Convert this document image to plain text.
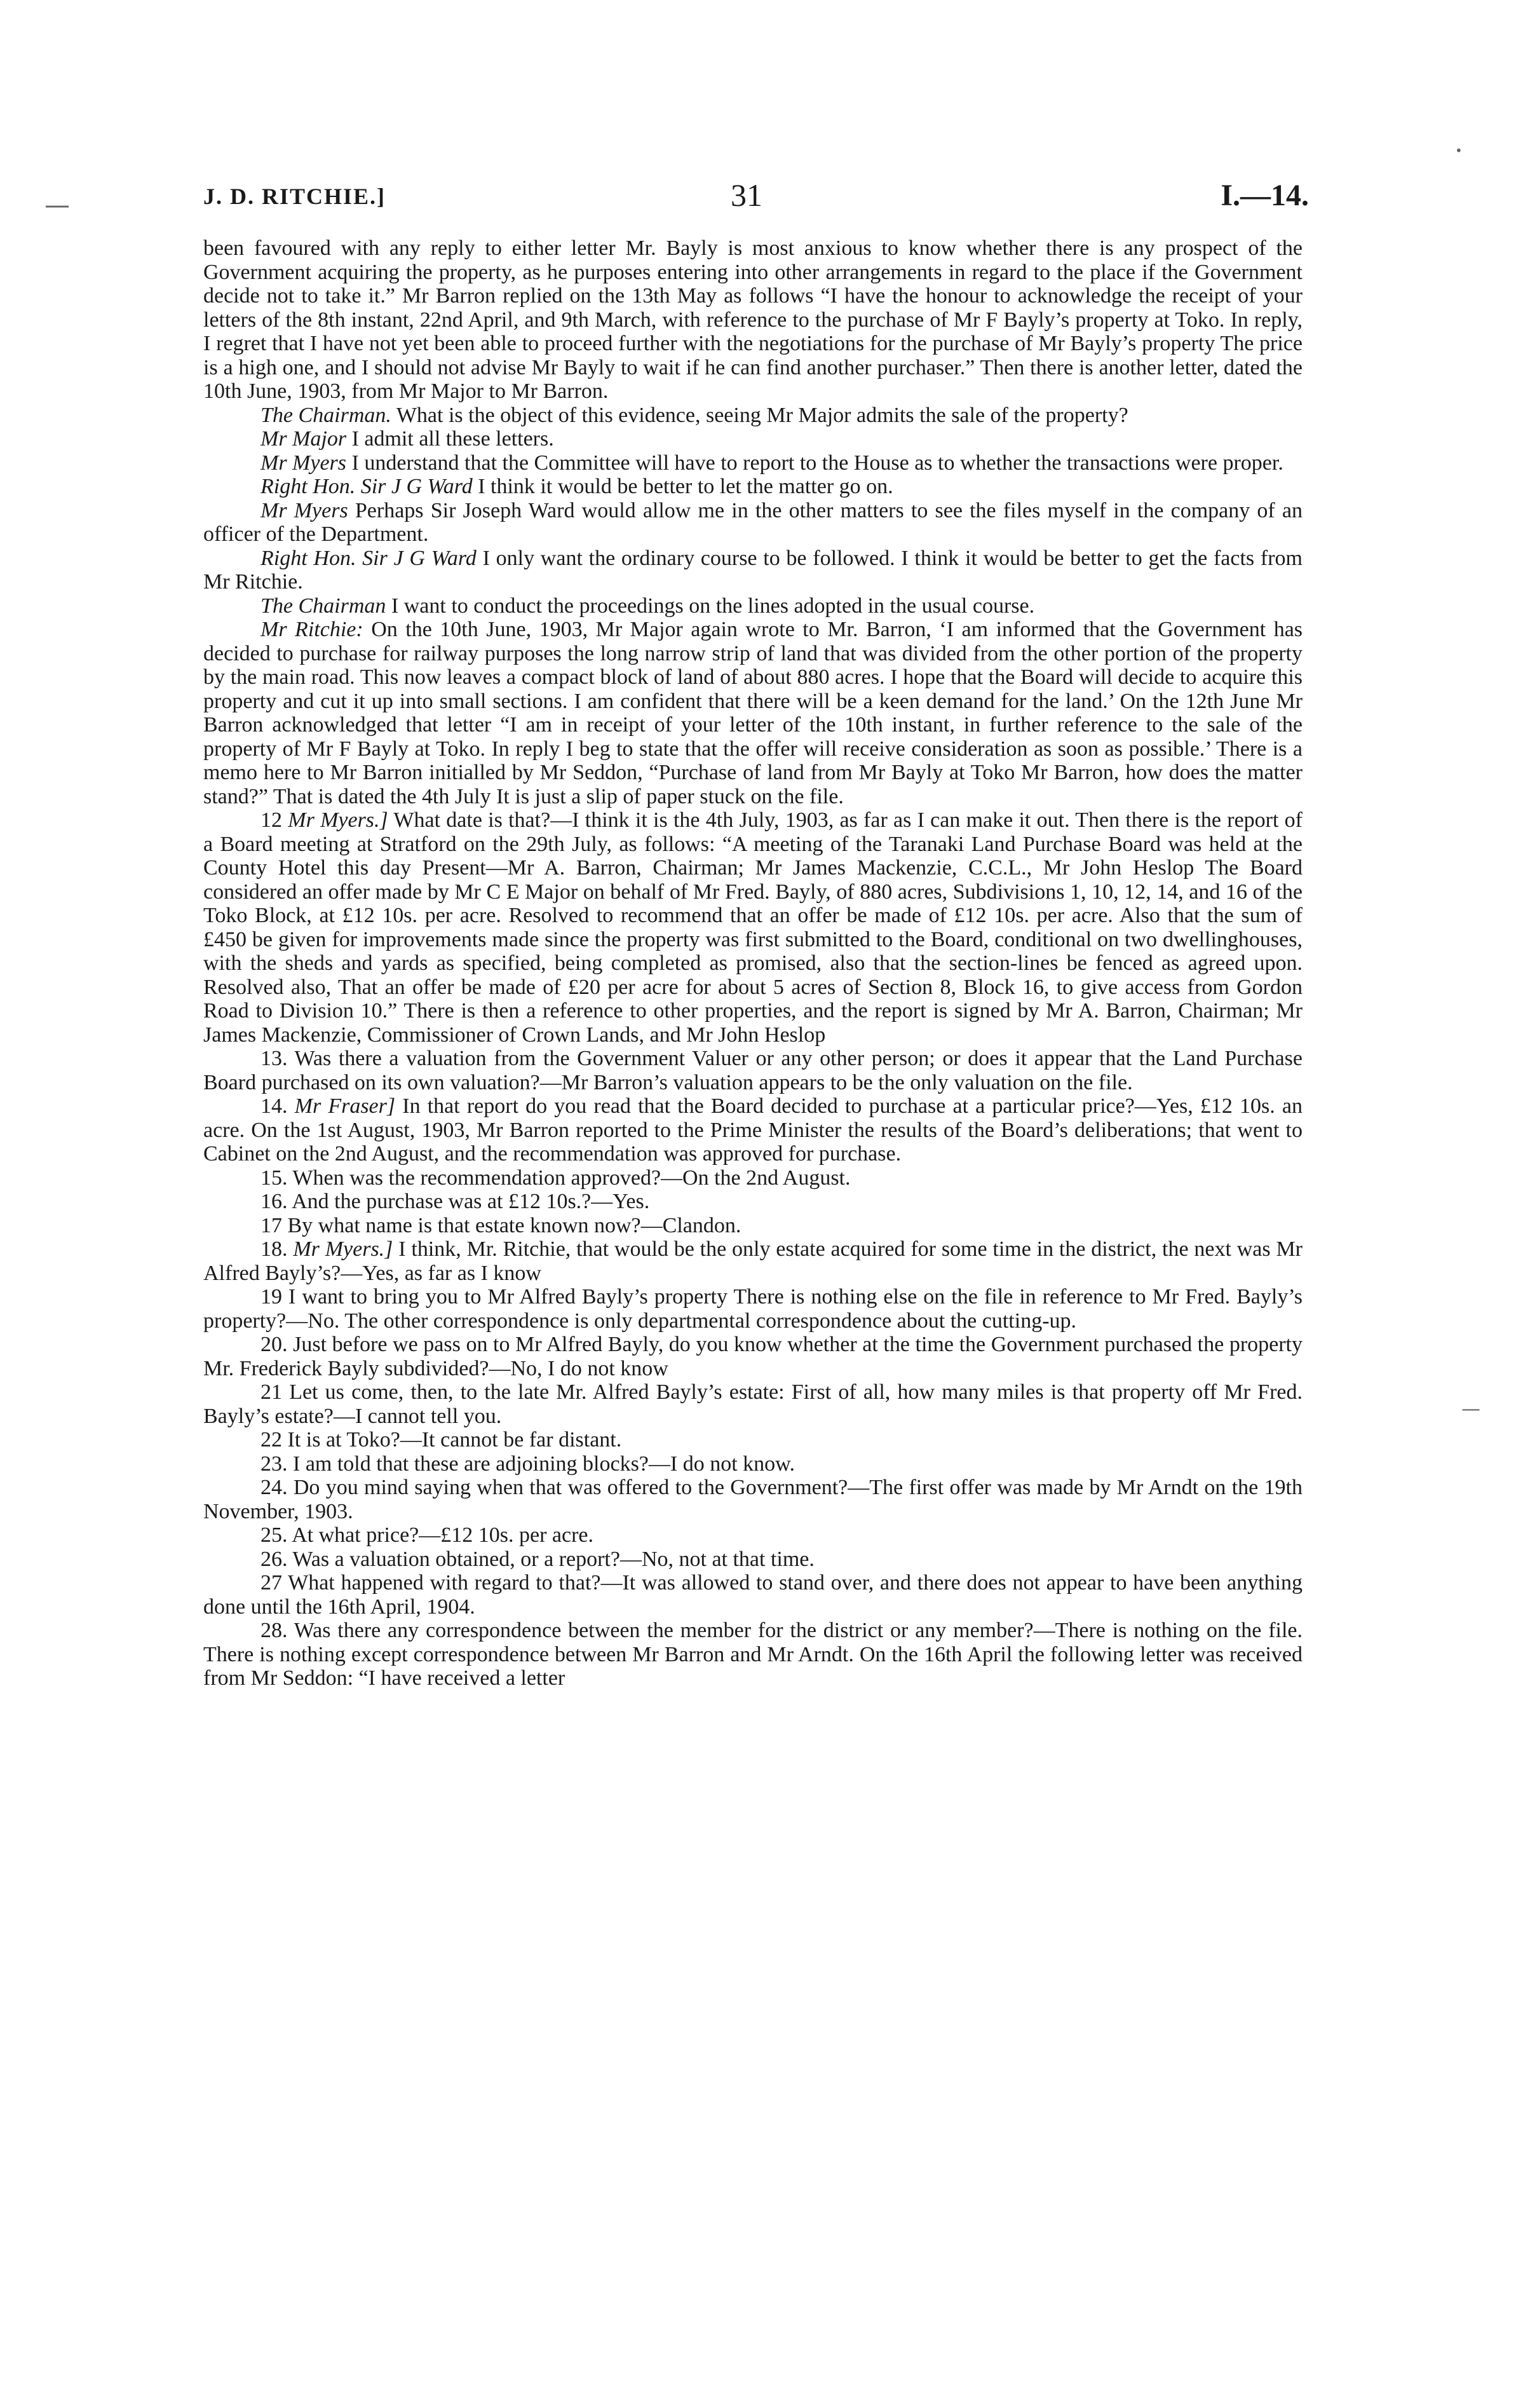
—
•
—
J. D. RITCHIE.]	31	I.—14.

been favoured with any reply to either letter Mr. Bayly is most anxious to know whether there is any prospect of the Government acquiring the property, as he purposes entering into other arrangements in regard to the place if the Government decide not to take it.” Mr Barron replied on the 13th May as follows “I have the honour to acknowledge the receipt of your letters of the 8th instant, 22nd April, and 9th March, with reference to the purchase of Mr F Bayly’s property at Toko. In reply, I regret that I have not yet been able to proceed further with the negotiations for the purchase of Mr Bayly’s property The price is a high one, and I should not advise Mr Bayly to wait if he can find another purchaser.” Then there is another letter, dated the 10th June, 1903, from Mr Major to Mr Barron.

The Chairman. What is the object of this evidence, seeing Mr Major admits the sale of the property?

Mr Major I admit all these letters.

Mr Myers I understand that the Committee will have to report to the House as to whether the transactions were proper.

Right Hon. Sir J G Ward I think it would be better to let the matter go on.

Mr Myers Perhaps Sir Joseph Ward would allow me in the other matters to see the files myself in the company of an officer of the Department.

Right Hon. Sir J G Ward I only want the ordinary course to be followed. I think it would be better to get the facts from Mr Ritchie.

The Chairman I want to conduct the proceedings on the lines adopted in the usual course.

Mr Ritchie: On the 10th June, 1903, Mr Major again wrote to Mr. Barron, ‘I am informed that the Government has decided to purchase for railway purposes the long narrow strip of land that was divided from the other portion of the property by the main road. This now leaves a compact block of land of about 880 acres. I hope that the Board will decide to acquire this property and cut it up into small sections. I am confident that there will be a keen demand for the land.’ On the 12th June Mr Barron acknowledged that letter “I am in receipt of your letter of the 10th instant, in further reference to the sale of the property of Mr F Bayly at Toko. In reply I beg to state that the offer will receive consideration as soon as possible.’ There is a memo here to Mr Barron initialled by Mr Seddon, “Purchase of land from Mr Bayly at Toko Mr Barron, how does the matter stand?” That is dated the 4th July It is just a slip of paper stuck on the file.

12 Mr Myers.] What date is that?—I think it is the 4th July, 1903, as far as I can make it out. Then there is the report of a Board meeting at Stratford on the 29th July, as follows: “A meeting of the Taranaki Land Purchase Board was held at the County Hotel this day Present—Mr A. Barron, Chairman; Mr James Mackenzie, C.C.L., Mr John Heslop The Board considered an offer made by Mr C E Major on behalf of Mr Fred. Bayly, of 880 acres, Subdivisions 1, 10, 12, 14, and 16 of the Toko Block, at £12 10s. per acre. Resolved to recommend that an offer be made of £12 10s. per acre. Also that the sum of £450 be given for improvements made since the property was first submitted to the Board, conditional on two dwellinghouses, with the sheds and yards as specified, being completed as promised, also that the section-lines be fenced as agreed upon. Resolved also, That an offer be made of £20 per acre for about 5 acres of Section 8, Block 16, to give access from Gordon Road to Division 10.” There is then a reference to other properties, and the report is signed by Mr A. Barron, Chairman; Mr James Mackenzie, Commissioner of Crown Lands, and Mr John Heslop

13. Was there a valuation from the Government Valuer or any other person; or does it appear that the Land Purchase Board purchased on its own valuation?—Mr Barron’s valuation appears to be the only valuation on the file.

14. Mr Fraser] In that report do you read that the Board decided to purchase at a particular price?—Yes, £12 10s. an acre. On the 1st August, 1903, Mr Barron reported to the Prime Minister the results of the Board’s deliberations; that went to Cabinet on the 2nd August, and the recommendation was approved for purchase.

15. When was the recommendation approved?—On the 2nd August.

16. And the purchase was at £12 10s.?—Yes.

17 By what name is that estate known now?—Clandon.

18. Mr Myers.] I think, Mr. Ritchie, that would be the only estate acquired for some time in the district, the next was Mr Alfred Bayly’s?—Yes, as far as I know

19 I want to bring you to Mr Alfred Bayly’s property There is nothing else on the file in reference to Mr Fred. Bayly’s property?—No. The other correspondence is only departmental correspondence about the cutting-up.

20. Just before we pass on to Mr Alfred Bayly, do you know whether at the time the Government purchased the property Mr. Frederick Bayly subdivided?—No, I do not know

21 Let us come, then, to the late Mr. Alfred Bayly’s estate: First of all, how many miles is that property off Mr Fred. Bayly’s estate?—I cannot tell you.

22 It is at Toko?—It cannot be far distant.

23. I am told that these are adjoining blocks?—I do not know.

24. Do you mind saying when that was offered to the Government?—The first offer was made by Mr Arndt on the 19th November, 1903.

25. At what price?—£12 10s. per acre.

26. Was a valuation obtained, or a report?—No, not at that time.

27 What happened with regard to that?—It was allowed to stand over, and there does not appear to have been anything done until the 16th April, 1904.

28. Was there any correspondence between the member for the district or any member?—There is nothing on the file. There is nothing except correspondence between Mr Barron and Mr Arndt. On the 16th April the following letter was received from Mr Seddon: “I have received a letter
